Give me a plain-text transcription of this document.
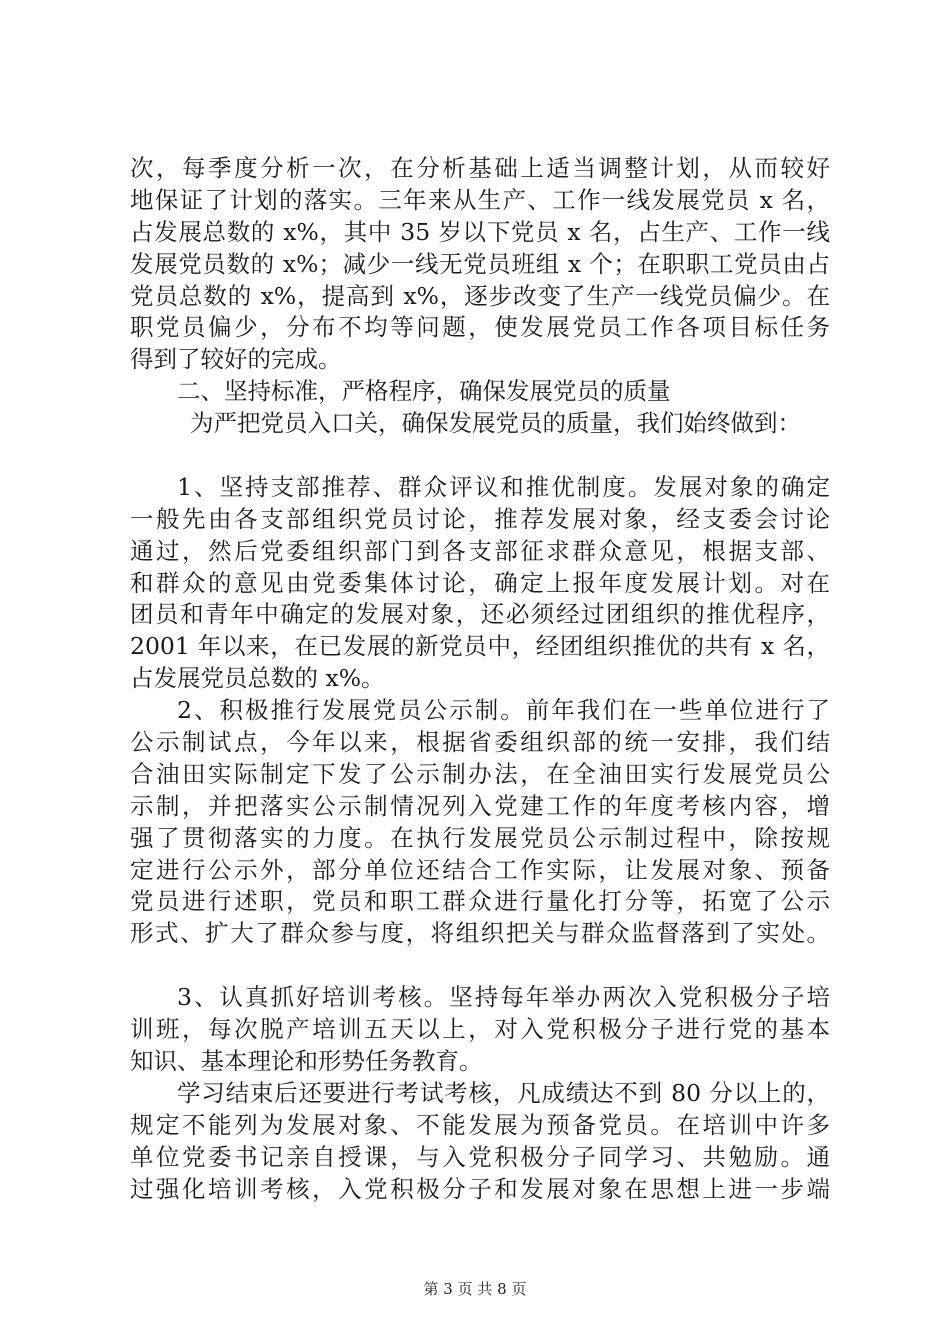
次，每季度分析一次，在分析基础上适当调整计划，从而较好
地保证了计划的落实。三年来从生产、工作一线发展党员 x 名，
占发展总数的 x%，其中 35 岁以下党员 x 名，占生产、工作一线
发展党员数的 x%；减少一线无党员班组 x 个；在职职工党员由占
党员总数的 x%，提高到 x%，逐步改变了生产一线党员偏少。在
职党员偏少，分布不均等问题，使发展党员工作各项目标任务
得到了较好的完成。
二、坚持标准，严格程序，确保发展党员的质量
为严把党员入口关，确保发展党员的质量，我们始终做到：
1、坚持支部推荐、群众评议和推优制度。发展对象的确定
一般先由各支部组织党员讨论，推荐发展对象，经支委会讨论
通过，然后党委组织部门到各支部征求群众意见，根据支部、
和群众的意见由党委集体讨论，确定上报年度发展计划。对在
团员和青年中确定的发展对象，还必须经过团组织的推优程序，
2001 年以来，在已发展的新党员中，经团组织推优的共有 x 名，
占发展党员总数的 x%。
2、积极推行发展党员公示制。前年我们在一些单位进行了
公示制试点，今年以来，根据省委组织部的统一安排，我们结
合油田实际制定下发了公示制办法，在全油田实行发展党员公
示制，并把落实公示制情况列入党建工作的年度考核内容，增
强了贯彻落实的力度。在执行发展党员公示制过程中，除按规
定进行公示外，部分单位还结合工作实际，让发展对象、预备
党员进行述职，党员和职工群众进行量化打分等，拓宽了公示
形式、扩大了群众参与度，将组织把关与群众监督落到了实处。
3、认真抓好培训考核。坚持每年举办两次入党积极分子培
训班，每次脱产培训五天以上，对入党积极分子进行党的基本
知识、基本理论和形势任务教育。
学习结束后还要进行考试考核，凡成绩达不到 80 分以上的，
规定不能列为发展对象、不能发展为预备党员。在培训中许多
单位党委书记亲自授课，与入党积极分子同学习、共勉励。通
过强化培训考核，入党积极分子和发展对象在思想上进一步端
第 3 页 共 8 页
